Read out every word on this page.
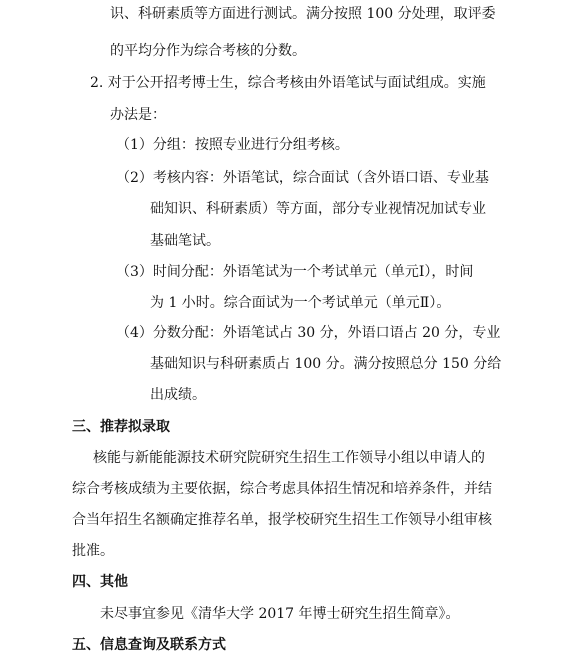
识、科研素质等方面进行测试。满分按照 100 分处理，取评委
的平均分作为综合考核的分数。
2. 对于公开招考博士生，综合考核由外语笔试与面试组成。实施
办法是：
（1）分组：按照专业进行分组考核。
（2）考核内容：外语笔试，综合面试（含外语口语、专业基
础知识、科研素质）等方面，部分专业视情况加试专业
基础笔试。
（3）时间分配：外语笔试为一个考试单元（单元Ⅰ），时间
为 1 小时。综合面试为一个考试单元（单元Ⅱ）。
（4）分数分配：外语笔试占 30 分，外语口语占 20 分，专业
基础知识与科研素质占 100 分。满分按照总分 150 分给
出成绩。
三、推荐拟录取
核能与新能能源技术研究院研究生招生工作领导小组以申请人的
综合考核成绩为主要依据，综合考虑具体招生情况和培养条件，并结
合当年招生名额确定推荐名单，报学校研究生招生工作领导小组审核
批准。
四、其他
未尽事宜参见《清华大学 2017 年博士研究生招生简章》。
五、信息查询及联系方式
